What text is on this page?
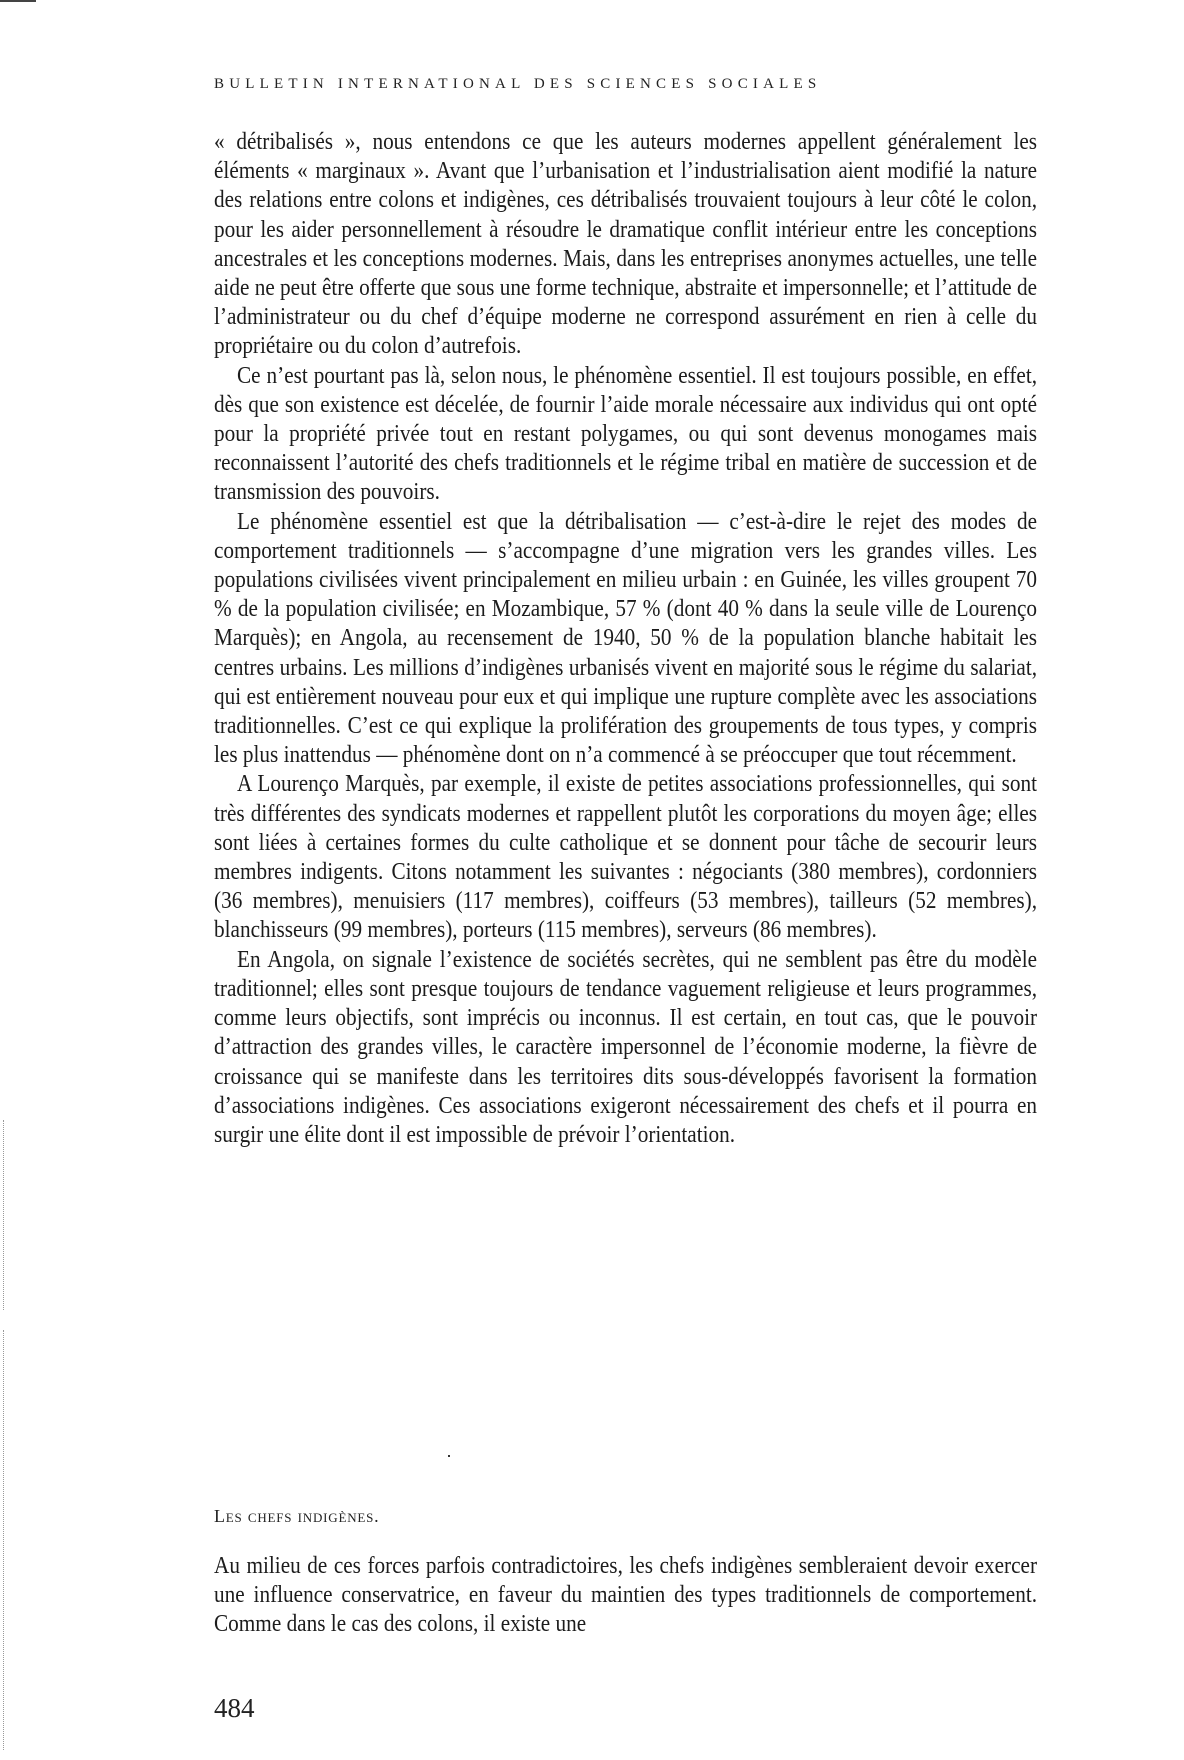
BULLETIN INTERNATIONAL DES SCIENCES SOCIALES

« détribalisés », nous entendons ce que les auteurs modernes appellent généralement les éléments « marginaux ». Avant que l’urbanisation et l’industrialisation aient modifié la nature des relations entre colons et indigènes, ces détribalisés trouvaient toujours à leur côté le colon, pour les aider personnellement à résoudre le dramatique conflit intérieur entre les conceptions ancestrales et les conceptions modernes. Mais, dans les entreprises anonymes actuelles, une telle aide ne peut être offerte que sous une forme technique, abstraite et impersonnelle; et l’attitude de l’administrateur ou du chef d’équipe moderne ne correspond assurément en rien à celle du propriétaire ou du colon d’autrefois.

Ce n’est pourtant pas là, selon nous, le phénomène essentiel. Il est toujours possible, en effet, dès que son existence est décelée, de fournir l’aide morale nécessaire aux individus qui ont opté pour la propriété privée tout en restant polygames, ou qui sont devenus monogames mais reconnaissent l’autorité des chefs traditionnels et le régime tribal en matière de succession et de transmission des pouvoirs.

Le phénomène essentiel est que la détribalisation — c’est-à-dire le rejet des modes de comportement traditionnels — s’accompagne d’une migration vers les grandes villes. Les populations civilisées vivent principalement en milieu urbain : en Guinée, les villes groupent 70 % de la population civilisée; en Mozambique, 57 % (dont 40 % dans la seule ville de Lourenço Marquès); en Angola, au recensement de 1940, 50 % de la population blanche habitait les centres urbains. Les millions d’indigènes urbanisés vivent en majorité sous le régime du salariat, qui est entièrement nouveau pour eux et qui implique une rupture complète avec les associations traditionnelles. C’est ce qui explique la prolifération des groupements de tous types, y compris les plus inattendus — phénomène dont on n’a commencé à se préoccuper que tout récemment.

A Lourenço Marquès, par exemple, il existe de petites associations professionnelles, qui sont très différentes des syndicats modernes et rappellent plutôt les corporations du moyen âge; elles sont liées à certaines formes du culte catholique et se donnent pour tâche de secourir leurs membres indigents. Citons notamment les suivantes : négociants (380 membres), cordonniers (36 membres), menuisiers (117 membres), coiffeurs (53 membres), tailleurs (52 membres), blanchisseurs (99 membres), porteurs (115 membres), serveurs (86 membres).

En Angola, on signale l’existence de sociétés secrètes, qui ne semblent pas être du modèle traditionnel; elles sont presque toujours de tendance vaguement religieuse et leurs programmes, comme leurs objectifs, sont imprécis ou inconnus. Il est certain, en tout cas, que le pouvoir d’attraction des grandes villes, le caractère impersonnel de l’économie moderne, la fièvre de croissance qui se manifeste dans les territoires dits sous-développés favorisent la formation d’associations indigènes. Ces associations exigeront nécessairement des chefs et il pourra en surgir une élite dont il est impossible de prévoir l’orientation.

Les chefs indigènes.

Au milieu de ces forces parfois contradictoires, les chefs indigènes sembleraient devoir exercer une influence conservatrice, en faveur du maintien des types traditionnels de comportement. Comme dans le cas des colons, il existe une

484
